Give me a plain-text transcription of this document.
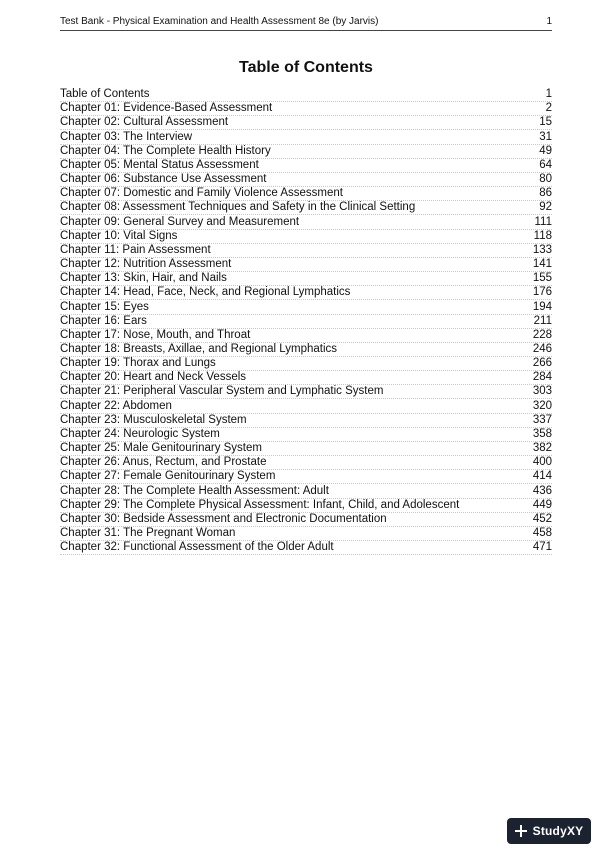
Test Bank - Physical Examination and Health Assessment 8e (by Jarvis)	1
Table of Contents
Table of Contents	1
Chapter 01: Evidence-Based Assessment	2
Chapter 02: Cultural Assessment	15
Chapter 03: The Interview	31
Chapter 04: The Complete Health History	49
Chapter 05: Mental Status Assessment	64
Chapter 06: Substance Use Assessment	80
Chapter 07: Domestic and Family Violence Assessment	86
Chapter 08: Assessment Techniques and Safety in the Clinical Setting	92
Chapter 09: General Survey and Measurement	111
Chapter 10: Vital Signs	118
Chapter 11: Pain Assessment	133
Chapter 12: Nutrition Assessment	141
Chapter 13: Skin, Hair, and Nails	155
Chapter 14: Head, Face, Neck, and Regional Lymphatics	176
Chapter 15: Eyes	194
Chapter 16: Ears	211
Chapter 17: Nose, Mouth, and Throat	228
Chapter 18: Breasts, Axillae, and Regional Lymphatics	246
Chapter 19: Thorax and Lungs	266
Chapter 20: Heart and Neck Vessels	284
Chapter 21: Peripheral Vascular System and Lymphatic System	303
Chapter 22: Abdomen	320
Chapter 23: Musculoskeletal System	337
Chapter 24: Neurologic System	358
Chapter 25: Male Genitourinary System	382
Chapter 26: Anus, Rectum, and Prostate	400
Chapter 27: Female Genitourinary System	414
Chapter 28: The Complete Health Assessment: Adult	436
Chapter 29: The Complete Physical Assessment: Infant, Child, and Adolescent	449
Chapter 30: Bedside Assessment and Electronic Documentation	452
Chapter 31: The Pregnant Woman	458
Chapter 32: Functional Assessment of the Older Adult	471
StudyXY
